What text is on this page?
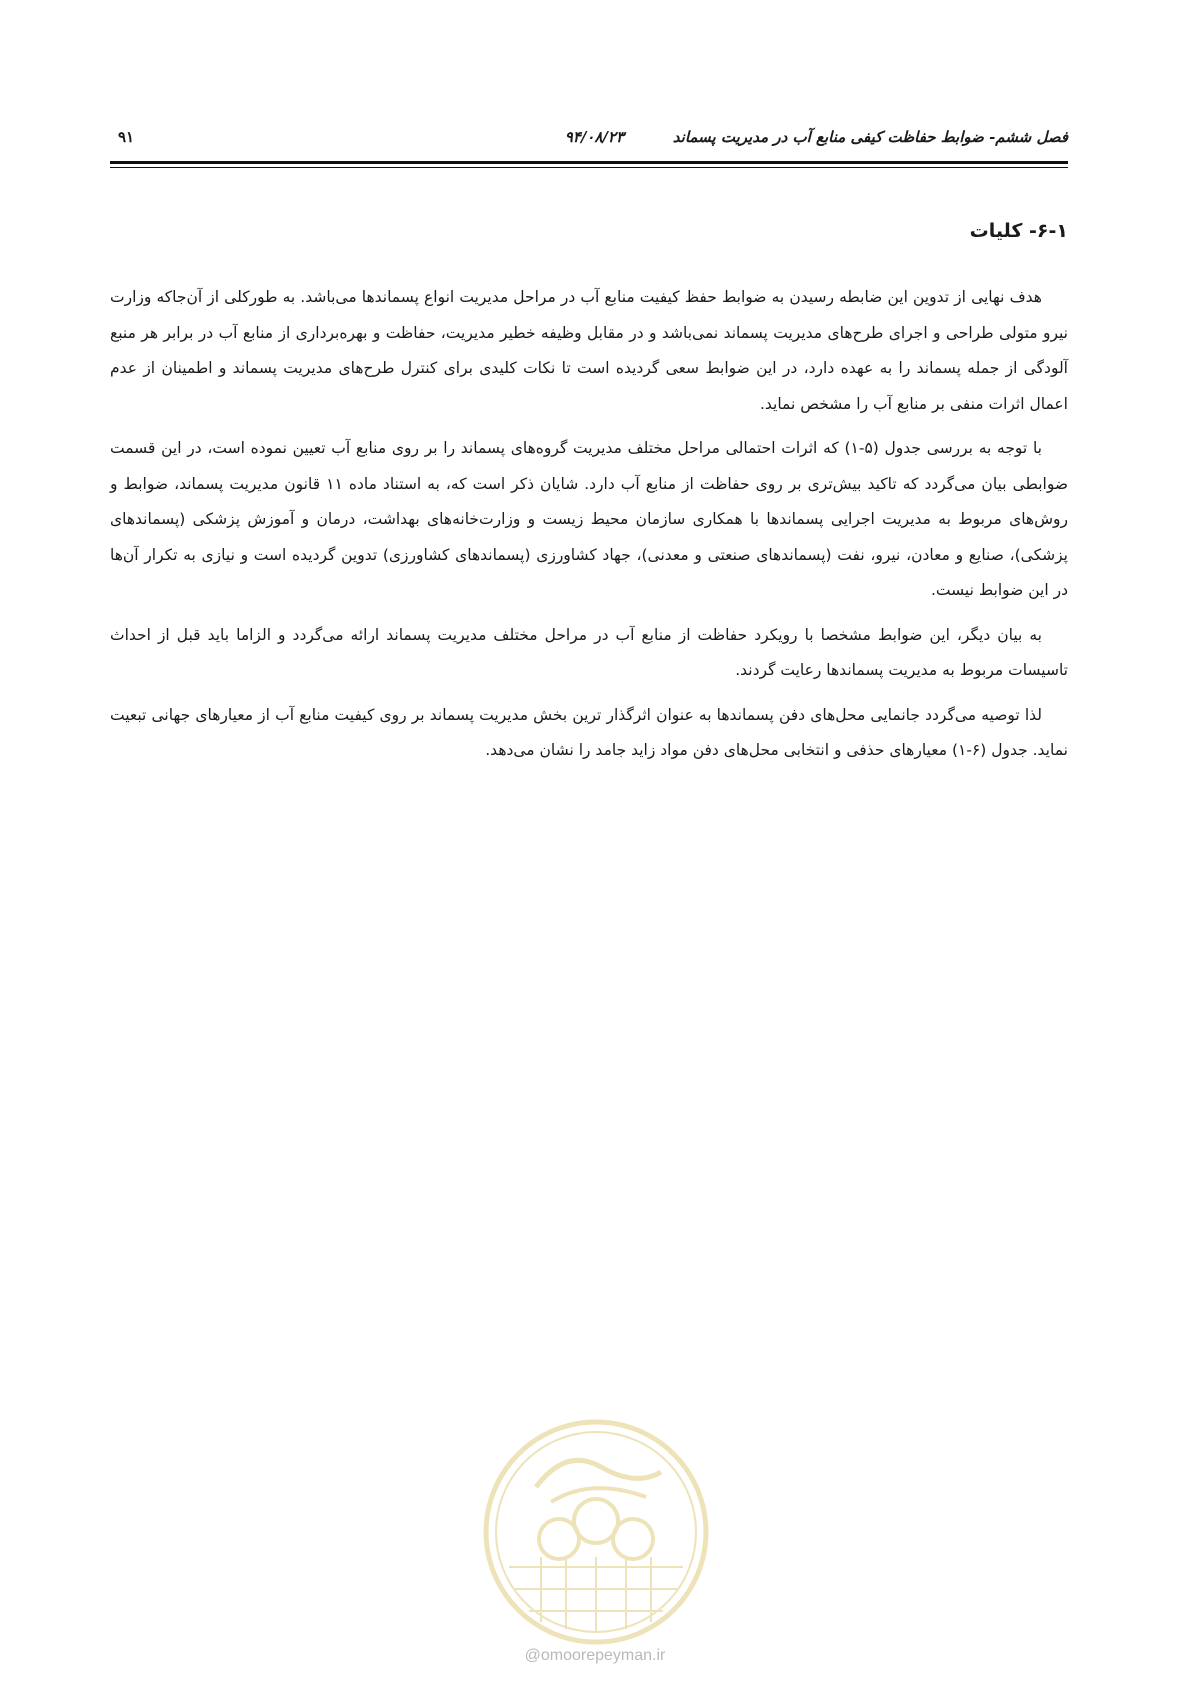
فصل ششم- ضوابط حفاظت کیفی منابع آب در مدیریت پسماند
۹۴/۰۸/۲۳
۹۱
۶-۱- کلیات

هدف نهایی از تدوین این ضابطه رسیدن به ضوابط حفظ کیفیت منابع آب در مراحل مدیریت انواع پسماندها می‌باشد. به طورکلی از آن‌جاکه وزارت نیرو متولی طراحی و اجرای طرح‌های مدیریت پسماند نمی‌باشد و در مقابل وظیفه خطیر مدیریت، حفاظت و بهره‌برداری از منابع آب در برابر هر منبع آلودگی از جمله پسماند را به عهده دارد، در این ضوابط سعی گردیده است تا نکات کلیدی برای کنترل طرح‌های مدیریت پسماند و اطمینان از عدم اعمال اثرات منفی بر منابع آب را مشخص نماید.

با توجه به بررسی جدول (۵-۱) که اثرات احتمالی مراحل مختلف مدیریت گروه‌های پسماند را بر روی منابع آب تعیین نموده است، در این قسمت ضوابطی بیان می‌گردد که تاکید بیش‌تری بر روی حفاظت از منابع آب دارد. شایان ذکر است که، به استناد ماده ۱۱ قانون مدیریت پسماند، ضوابط و روش‌های مربوط به مدیریت اجرایی پسماندها با همکاری سازمان محیط زیست و وزارت‌خانه‌های بهداشت، درمان و آموزش پزشکی (پسماندهای پزشکی)، صنایع و معادن، نیرو، نفت (پسماندهای صنعتی و معدنی)، جهاد کشاورزی (پسماندهای کشاورزی) تدوین گردیده است و نیازی به تکرار آن‌ها در این ضوابط نیست.

به بیان دیگر، این ضوابط مشخصا با رویکرد حفاظت از منابع آب در مراحل مختلف مدیریت پسماند ارائه می‌گردد و الزاما باید قبل از احداث تاسیسات مربوط به مدیریت پسماندها رعایت گردند.

لذا توصیه می‌گردد جانمایی محل‌های دفن پسماندها به عنوان اثرگذار ترین بخش مدیریت پسماند بر روی کیفیت منابع آب از معیارهای جهانی تبعیت نماید. جدول (۶-۱) معیارهای حذفی و انتخابی محل‌های دفن مواد زاید جامد را نشان می‌دهد.

@omoorepeyman.ir
